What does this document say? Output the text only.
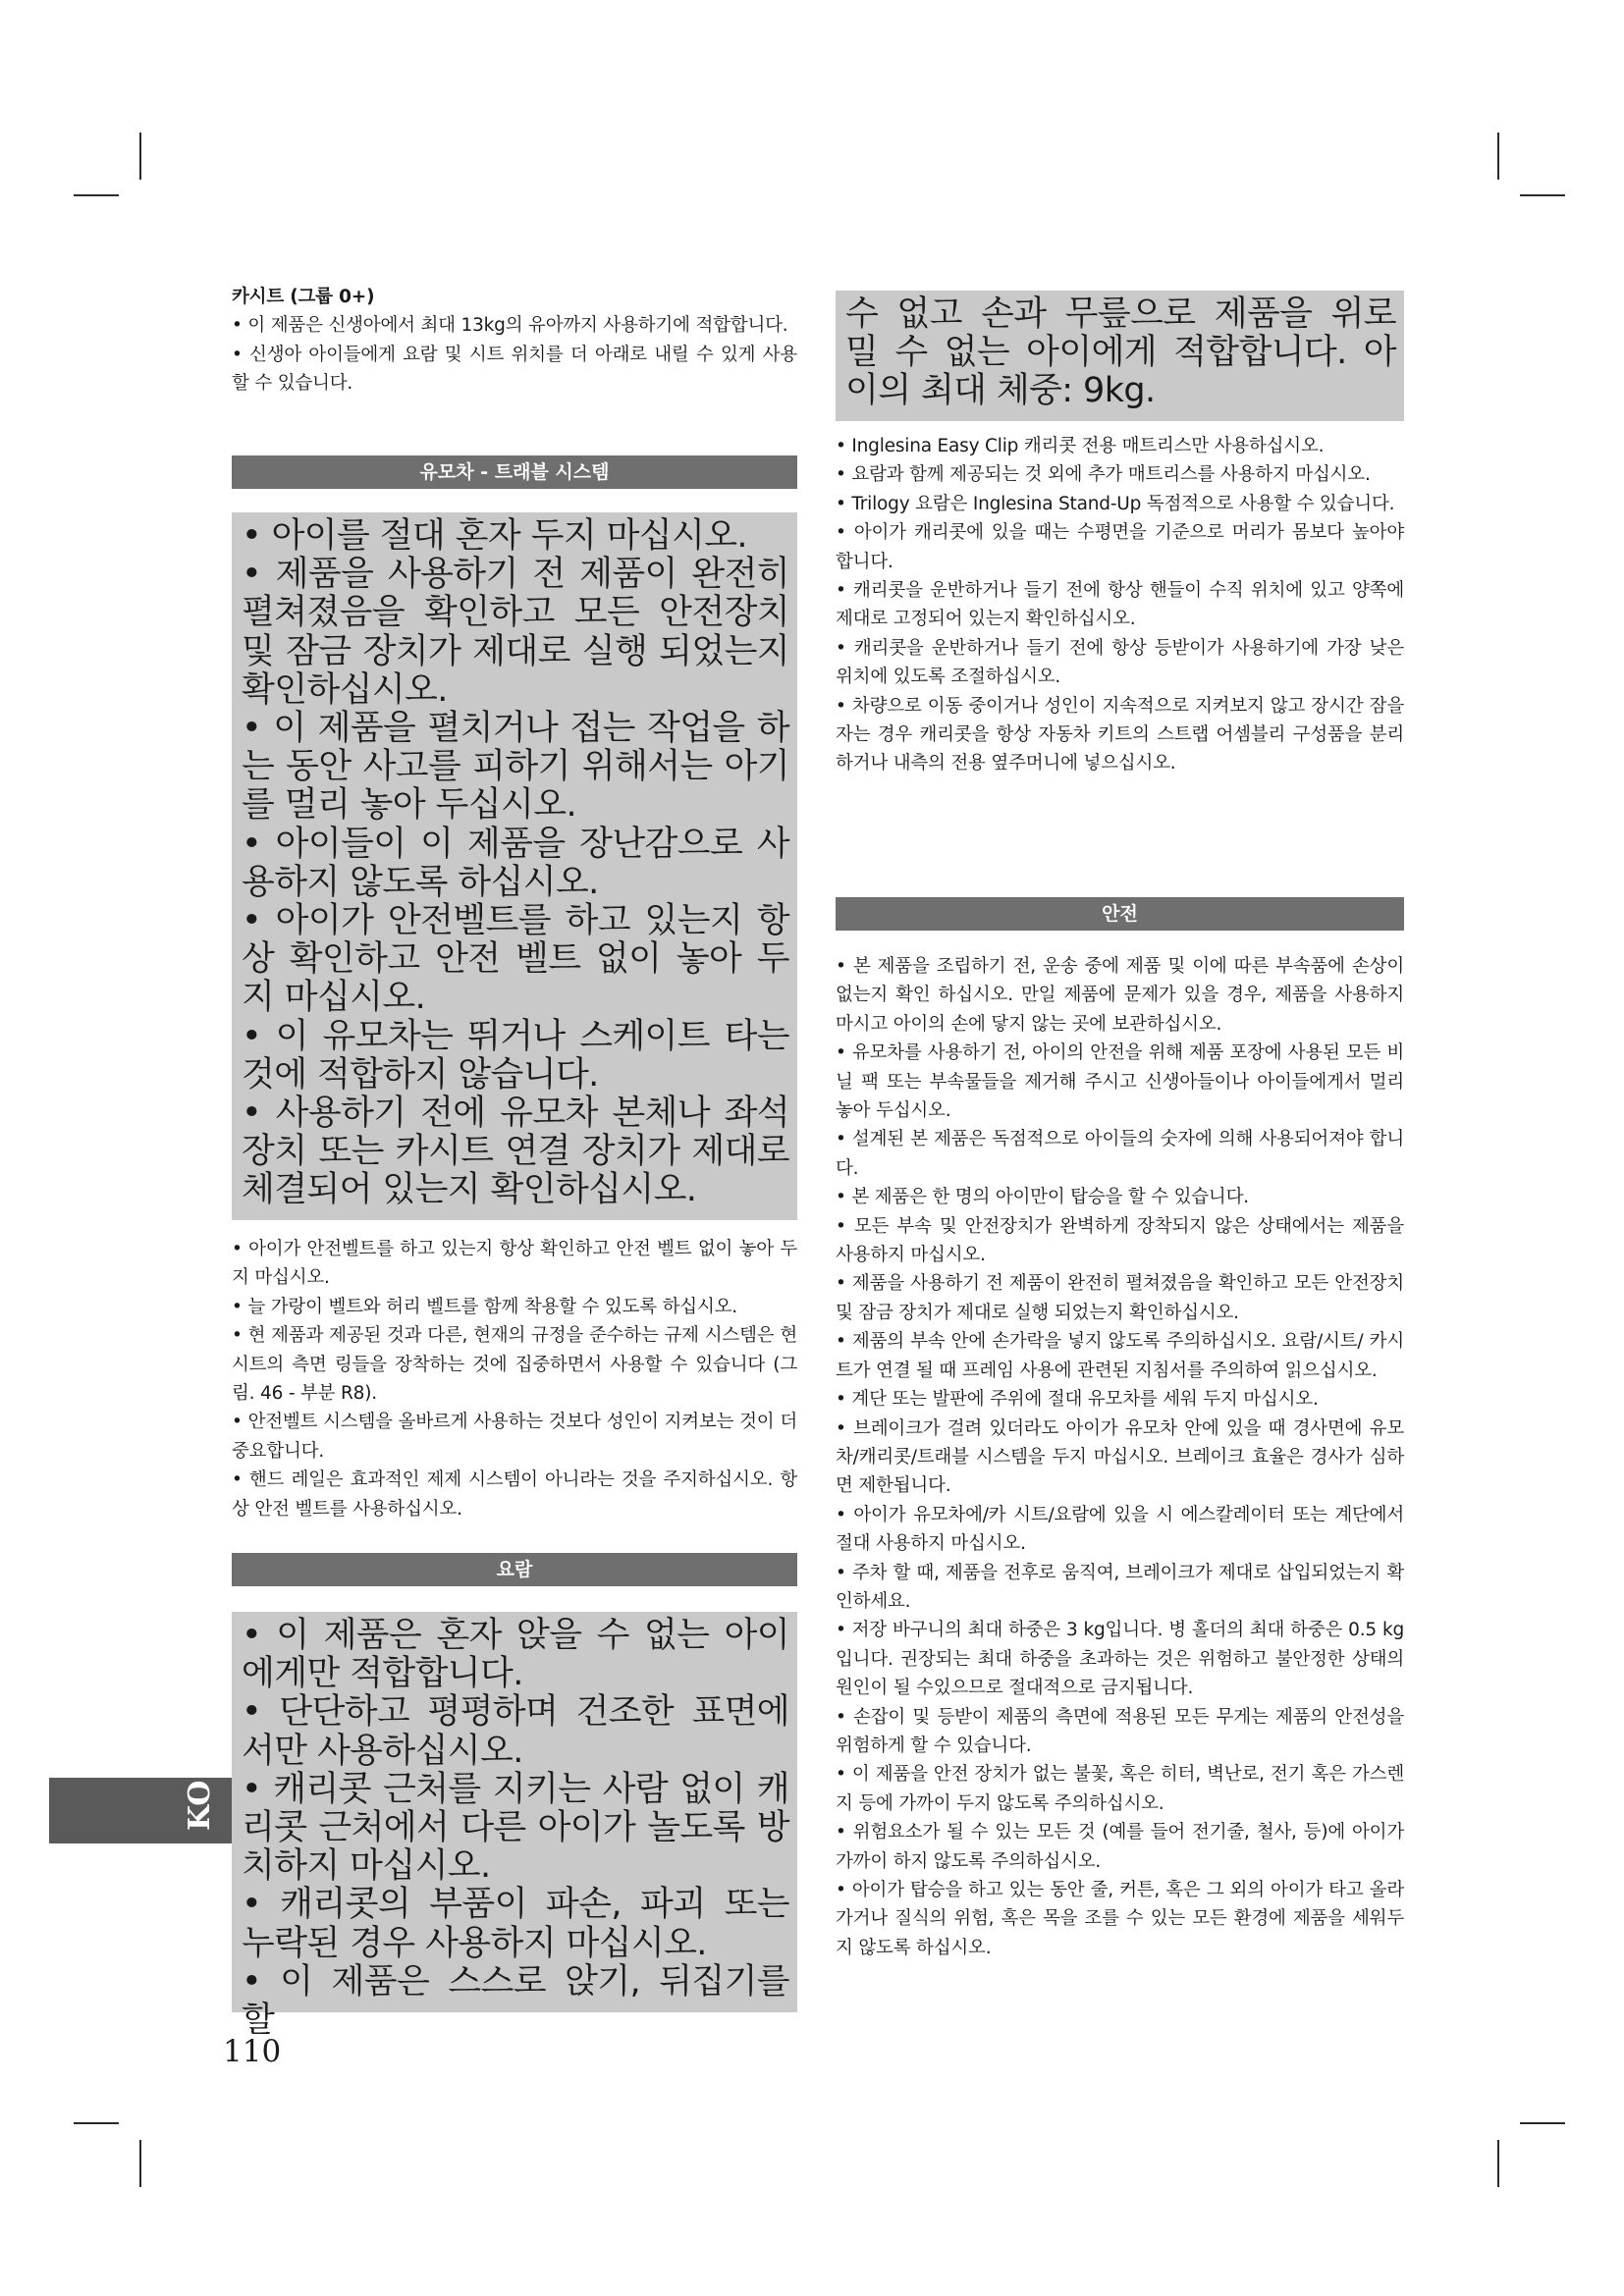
카시트 (그룹 0+)

• 이 제품은 신생아에서 최대 13kg의 유아까지 사용하기에 적합합니다.

• 신생아 아이들에게 요람 및 시트 위치를 더 아래로 내릴 수 있게 사용 할 수 있습니다.

유모차 - 트래블 시스템

• 아이를 절대 혼자 두지 마십시오.

• 제품을 사용하기 전 제품이 완전히 펼쳐졌음을 확인하고 모든 안전장치 및 잠금 장치가 제대로 실행 되었는지 확인하십시오.

• 이 제품을 펼치거나 접는 작업을 하는 동안 사고를 피하기 위해서는 아기를 멀리 놓아 두십시오.

• 아이들이 이 제품을 장난감으로 사용하지 않도록 하십시오.

• 아이가 안전벨트를 하고 있는지 항상 확인하고 안전 벨트 없이 놓아 두지 마십시오.

• 이 유모차는 뛰거나 스케이트 타는 것에 적합하지 않습니다.

• 사용하기 전에 유모차 본체나 좌석 장치 또는 카시트 연결 장치가 제대로 체결되어 있는지 확인하십시오.

• 아이가 안전벨트를 하고 있는지 항상 확인하고 안전 벨트 없이 놓아 두지 마십시오.

• 늘 가랑이 벨트와 허리 벨트를 함께 착용할 수 있도록 하십시오.

• 현 제품과 제공된 것과 다른, 현재의 규정을 준수하는 규제 시스템은 현 시트의 측면 링들을 장착하는 것에 집중하면서 사용할 수 있습니다 (그림. 46 - 부분 R8).

• 안전벨트 시스템을 올바르게 사용하는 것보다 성인이 지켜보는 것이 더 중요합니다.

• 핸드 레일은 효과적인 제제 시스템이 아니라는 것을 주지하십시오. 항상 안전 벨트를 사용하십시오.

요람

• 이 제품은 혼자 앉을 수 없는 아이에게만 적합합니다.

• 단단하고 평평하며 건조한 표면에서만 사용하십시오.

• 캐리콧 근처를 지키는 사람 없이 캐리콧 근처에서 다른 아이가 놀도록 방치하지 마십시오.

• 캐리콧의 부품이 파손, 파괴 또는 누락된 경우 사용하지 마십시오.

• 이 제품은 스스로 앉기, 뒤집기를 할

수 없고 손과 무릎으로 제품을 위로 밀 수 없는 아이에게 적합합니다. 아이의 최대 체중: 9kg.

• Inglesina Easy Clip 캐리콧 전용 매트리스만 사용하십시오.

• 요람과 함께 제공되는 것 외에 추가 매트리스를 사용하지 마십시오.

• Trilogy 요람은 Inglesina Stand-Up 독점적으로 사용할 수 있습니다.

• 아이가 캐리콧에 있을 때는 수평면을 기준으로 머리가 몸보다 높아야 합니다.

• 캐리콧을 운반하거나 들기 전에 항상 핸들이 수직 위치에 있고 양쪽에 제대로 고정되어 있는지 확인하십시오.

• 캐리콧을 운반하거나 들기 전에 항상 등받이가 사용하기에 가장 낮은 위치에 있도록 조절하십시오.

• 차량으로 이동 중이거나 성인이 지속적으로 지켜보지 않고 장시간 잠을 자는 경우 캐리콧을 항상 자동차 키트의 스트랩 어셈블리 구성품을 분리하거나 내측의 전용 옆주머니에 넣으십시오.

안전

• 본 제품을 조립하기 전, 운송 중에 제품 및 이에 따른 부속품에 손상이 없는지 확인 하십시오. 만일 제품에 문제가 있을 경우, 제품을 사용하지 마시고 아이의 손에 닿지 않는 곳에 보관하십시오.

• 유모차를 사용하기 전, 아이의 안전을 위해 제품 포장에 사용된 모든 비닐 팩 또는 부속물들을 제거해 주시고 신생아들이나 아이들에게서 멀리 놓아 두십시오.

• 설계된 본 제품은 독점적으로 아이들의 숫자에 의해 사용되어져야 합니다.

• 본 제품은 한 명의 아이만이 탑승을 할 수 있습니다.

• 모든 부속 및 안전장치가 완벽하게 장착되지 않은 상태에서는 제품을 사용하지 마십시오.

• 제품을 사용하기 전 제품이 완전히 펼쳐졌음을 확인하고 모든 안전장치 및 잠금 장치가 제대로 실행 되었는지 확인하십시오.

• 제품의 부속 안에 손가락을 넣지 않도록 주의하십시오. 요람/시트/ 카시트가 연결 될 때 프레임 사용에 관련된 지침서를 주의하여 읽으십시오.

• 계단 또는 발판에 주위에 절대 유모차를 세워 두지 마십시오.

• 브레이크가 걸려 있더라도 아이가 유모차 안에 있을 때 경사면에 유모차/캐리콧/트래블 시스템을 두지 마십시오. 브레이크 효율은 경사가 심하면 제한됩니다.

• 아이가 유모차에/카 시트/요람에 있을 시 에스칼레이터 또는 계단에서 절대 사용하지 마십시오.

• 주차 할 때, 제품을 전후로 움직여, 브레이크가 제대로 삽입되었는지 확인하세요.

• 저장 바구니의 최대 하중은 3 kg입니다. 병 홀더의 최대 하중은 0.5 kg입니다. 권장되는 최대 하중을 초과하는 것은 위험하고 불안정한 상태의 원인이 될 수있으므로 절대적으로 금지됩니다.

• 손잡이 및 등받이 제품의 측면에 적용된 모든 무게는 제품의 안전성을 위험하게 할 수 있습니다.

• 이 제품을 안전 장치가 없는 불꽃, 혹은 히터, 벽난로, 전기 혹은 가스렌지 등에 가까이 두지 않도록 주의하십시오.

• 위험요소가 될 수 있는 모든 것 (예를 들어 전기줄, 철사, 등)에 아이가 가까이 하지 않도록 주의하십시오.

• 아이가 탑승을 하고 있는 동안 줄, 커튼, 혹은 그 외의 아이가 타고 올라가거나 질식의 위험, 혹은 목을 조를 수 있는 모든 환경에 제품을 세워두지 않도록 하십시오.

KO
110
